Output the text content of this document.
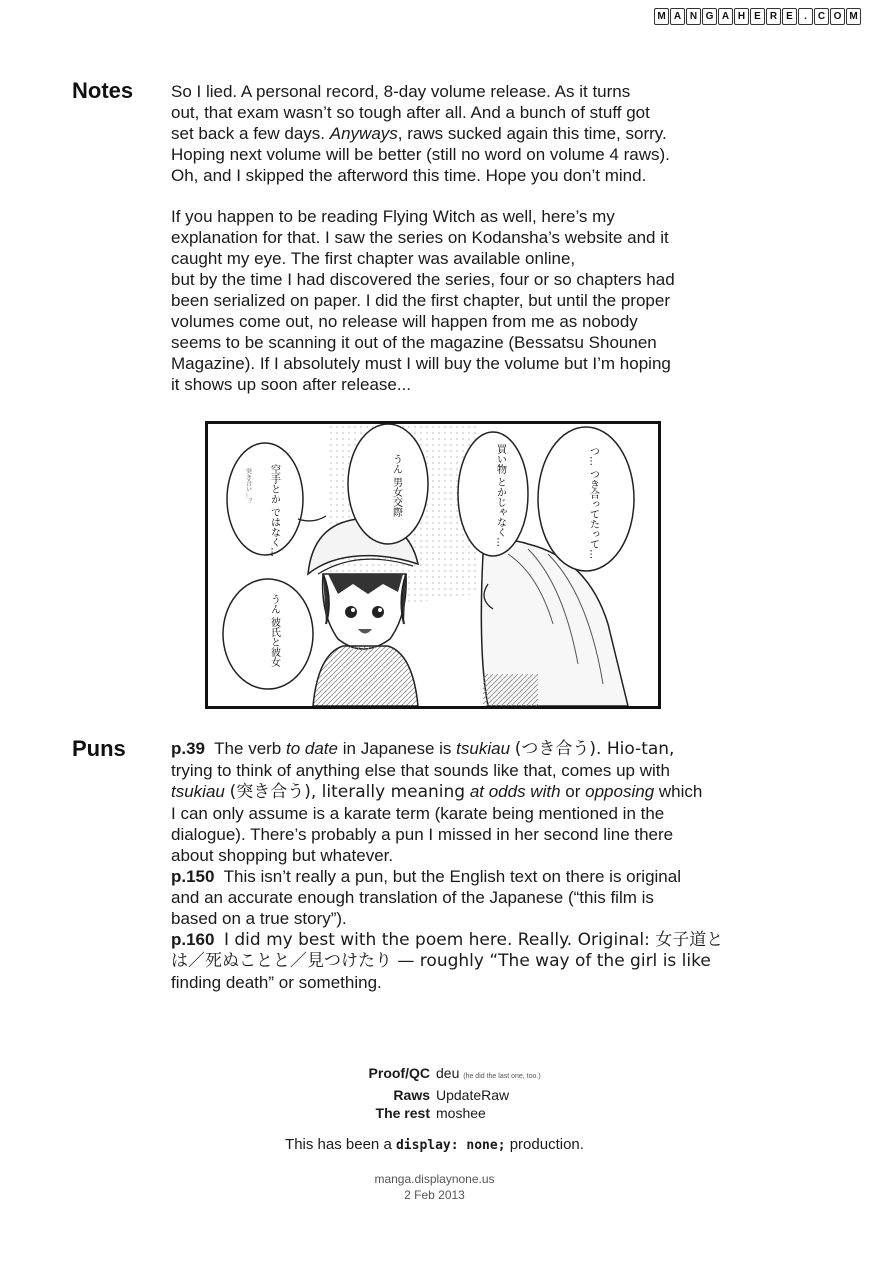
M A N G A H E R E	.	C O M
Notes So I lied. A personal record, 8-day volume release. As it turns
out, that exam wasn’t so tough after all. And a bunch of stuff got
set back a few days. Anyways, raws sucked again this time, sorry.
Hoping next volume will be better (still no word on volume 4 raws).
Oh, and I skipped the afterword this time. Hope you don’t mind.

If you happen to be reading Flying Witch as well, here’s my
explanation for that. I saw the series on Kodansha’s website and it
caught my eye. The first chapter was available online,
but by the time I had discovered the series, four or so chapters had
been serialized on paper. I did the first chapter, but until the proper
volumes come out, no release will happen from me as nobody
seems to be scanning it out of the magazine (Bessatsu Shounen
Magazine). If I absolutely must I will buy the volume but I’m hoping
it shows up soon after release...

空手とか ではなく…
突き合い…？	うん 男女交際
うん 彼氏と彼女
買い物 とかじゃなく…	つ… つき合ってたって…
Puns	p.39 The verb to date in Japanese is tsukiau (つき合う). Hio-tan,
trying to think of anything else that sounds like that, comes up with
tsukiau (突き合う), literally meaning at odds with or opposing which
I can only assume is a karate term (karate being mentioned in the
dialogue). There’s probably a pun I missed in her second line there
about shopping but whatever.
p.150 This isn’t really a pun, but the English text on there is original
and an accurate enough translation of the Japanese (“this film is
based on a true story”).
p.160 I did my best with the poem here. Really. Original: 女子道と
は／死ぬことと／見つけたり — roughly “The way of the girl is like
finding death” or something.
Proof/QC deu (he did the last one, too.)
Raws UpdateRaw
The rest moshee
This has been a display: none; production.
manga.displaynone.us
2 Feb 2013
